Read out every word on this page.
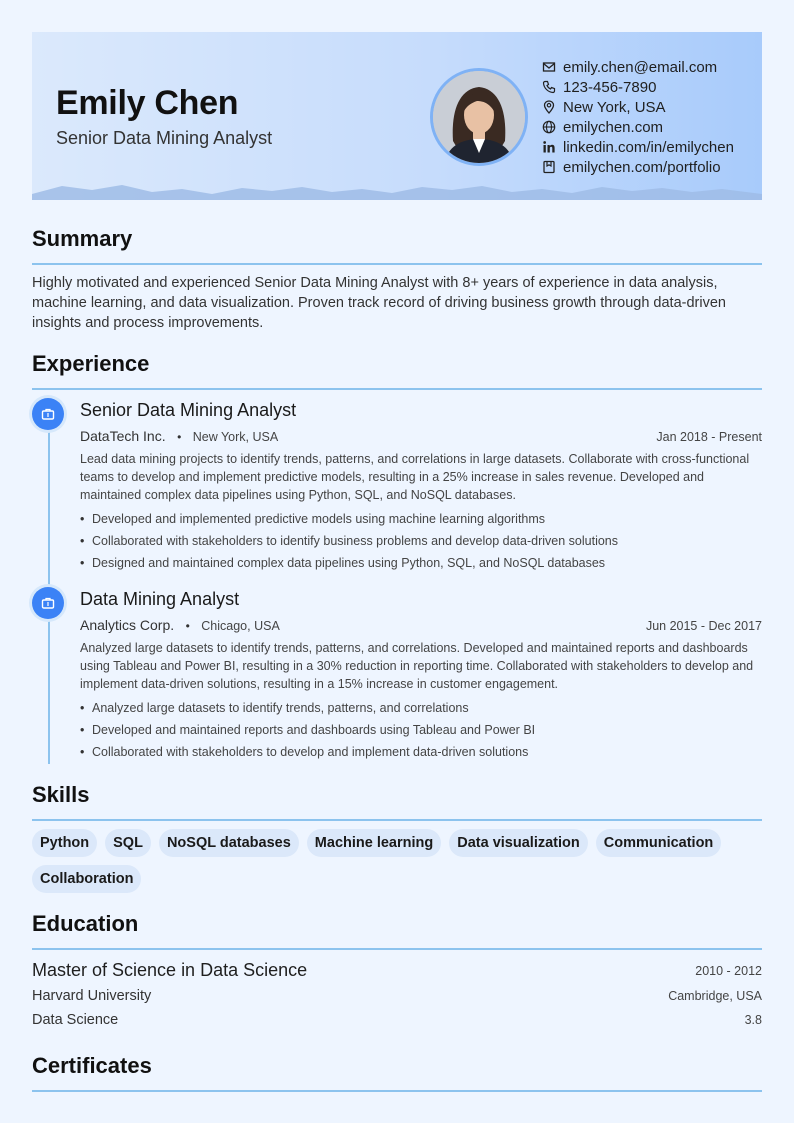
Emily Chen
Senior Data Mining Analyst
emily.chen@email.com
123-456-7890
New York, USA
emilychen.com
linkedin.com/in/emilychen
emilychen.com/portfolio
Summary
Highly motivated and experienced Senior Data Mining Analyst with 8+ years of experience in data analysis, machine learning, and data visualization. Proven track record of driving business growth through data-driven insights and process improvements.
Experience
Senior Data Mining Analyst
DataTech Inc. • New York, USA	Jan 2018 - Present
Lead data mining projects to identify trends, patterns, and correlations in large datasets. Collaborate with cross-functional teams to develop and implement predictive models, resulting in a 25% increase in sales revenue. Developed and maintained complex data pipelines using Python, SQL, and NoSQL databases.
• Developed and implemented predictive models using machine learning algorithms
• Collaborated with stakeholders to identify business problems and develop data-driven solutions
• Designed and maintained complex data pipelines using Python, SQL, and NoSQL databases
Data Mining Analyst
Analytics Corp. • Chicago, USA	Jun 2015 - Dec 2017
Analyzed large datasets to identify trends, patterns, and correlations. Developed and maintained reports and dashboards using Tableau and Power BI, resulting in a 30% reduction in reporting time. Collaborated with stakeholders to develop and implement data-driven solutions, resulting in a 15% increase in customer engagement.
• Analyzed large datasets to identify trends, patterns, and correlations
• Developed and maintained reports and dashboards using Tableau and Power BI
• Collaborated with stakeholders to develop and implement data-driven solutions
Skills
Python	SQL	NoSQL databases	Machine learning	Data visualization	Communication
Collaboration
Education
Master of Science in Data Science	2010 - 2012
Harvard University	Cambridge, USA
Data Science	3.8
Certificates
